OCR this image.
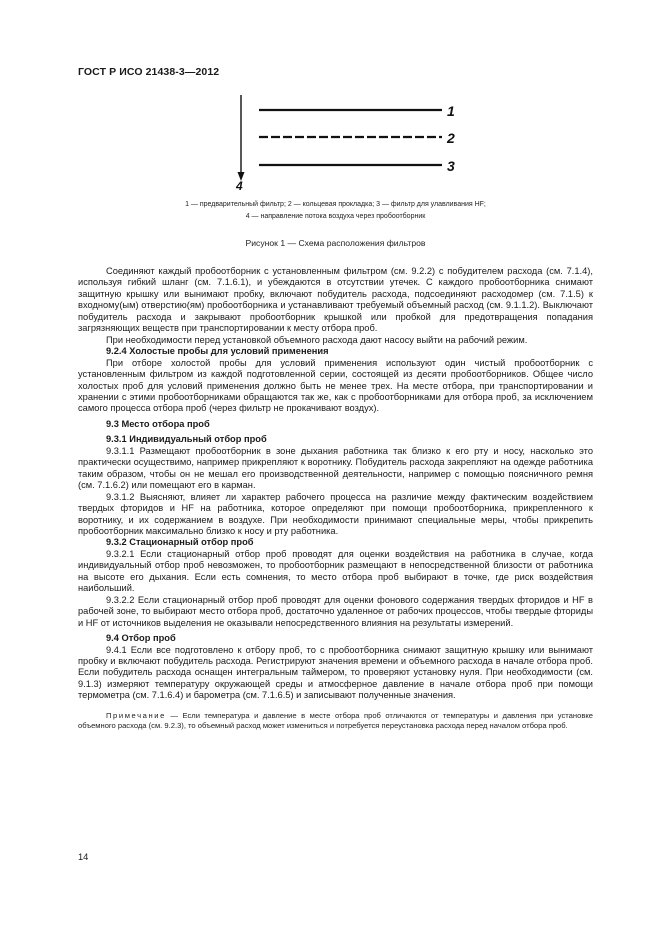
ГОСТ Р ИСО 21438-3—2012
1
2
3
4
1 — предварительный фильтр; 2 — кольцевая прокладка; 3 — фильтр для улавливания HF;
4 — направление потока воздуха через пробоотборник
Рисунок 1 — Схема расположения фильтров

Соединяют каждый пробоотборник с установленным фильтром (см. 9.2.2) с побудителем расхода (см. 7.1.4), используя гибкий шланг (см. 7.1.6.1), и убеждаются в отсутствии утечек. С каждого пробоотборника снимают защитную крышку или вынимают пробку, включают побудитель расхода, подсоединяют расходомер (см. 7.1.5) к входному(ым) отверстию(ям) пробоотборника и устанавливают требуемый объемный расход (см. 9.1.1.2). Выключают побудитель расхода и закрывают пробоотборник крышкой или пробкой для предотвращения попадания загрязняющих веществ при транспортировании к месту отбора проб.

При необходимости перед установкой объемного расхода дают насосу выйти на рабочий режим.

9.2.4 Холостые пробы для условий применения

При отборе холостой пробы для условий применения используют один чистый пробоотборник с установленным фильтром из каждой подготовленной серии, состоящей из десяти пробоотборников. Общее число холостых проб для условий применения должно быть не менее трех. На месте отбора, при транспортировании и хранении с этими пробоотборниками обращаются так же, как с пробоотборниками для отбора проб, за исключением самого процесса отбора проб (через фильтр не прокачивают воздух).

9.3 Место отбора проб
9.3.1 Индивидуальный отбор проб

9.3.1.1 Размещают пробоотборник в зоне дыхания работника так близко к его рту и носу, насколько это практически осуществимо, например прикрепляют к воротнику. Побудитель расхода закрепляют на одежде работника таким образом, чтобы он не мешал его производственной деятельности, например с помощью поясничного ремня (см. 7.1.6.2) или помещают его в карман.

9.3.1.2 Выясняют, влияет ли характер рабочего процесса на различие между фактическим воздействием твердых фторидов и HF на работника, которое определяют при помощи пробоотборника, прикрепленного к воротнику, и их содержанием в воздухе. При необходимости принимают специальные меры, чтобы прикрепить пробоотборник максимально близко к носу и рту работника.

9.3.2 Стационарный отбор проб

9.3.2.1 Если стационарный отбор проб проводят для оценки воздействия на работника в случае, когда индивидуальный отбор проб невозможен, то пробоотборник размещают в непосредственной близости от работника на высоте его дыхания. Если есть сомнения, то место отбора проб выбирают в точке, где риск воздействия наибольший.

9.3.2.2 Если стационарный отбор проб проводят для оценки фонового содержания твердых фторидов и HF в рабочей зоне, то выбирают место отбора проб, достаточно удаленное от рабочих процессов, чтобы твердые фториды и HF от источников выделения не оказывали непосредственного влияния на результаты измерений.

9.4 Отбор проб

9.4.1 Если все подготовлено к отбору проб, то с пробоотборника снимают защитную крышку или вынимают пробку и включают побудитель расхода. Регистрируют значения времени и объемного расхода в начале отбора проб. Если побудитель расхода оснащен интегральным таймером, то проверяют установку нуля. При необходимости (см. 9.1.3) измеряют температуру окружающей среды и атмосферное давление в начале отбора проб при помощи термометра (см. 7.1.6.4) и барометра (см. 7.1.6.5) и записывают полученные значения.

Примечание — Если температура и давление в месте отбора проб отличаются от температуры и давления при установке объемного расхода (см. 9.2.3), то объемный расход может измениться и потребуется переустановка расхода перед началом отбора проб.

14
